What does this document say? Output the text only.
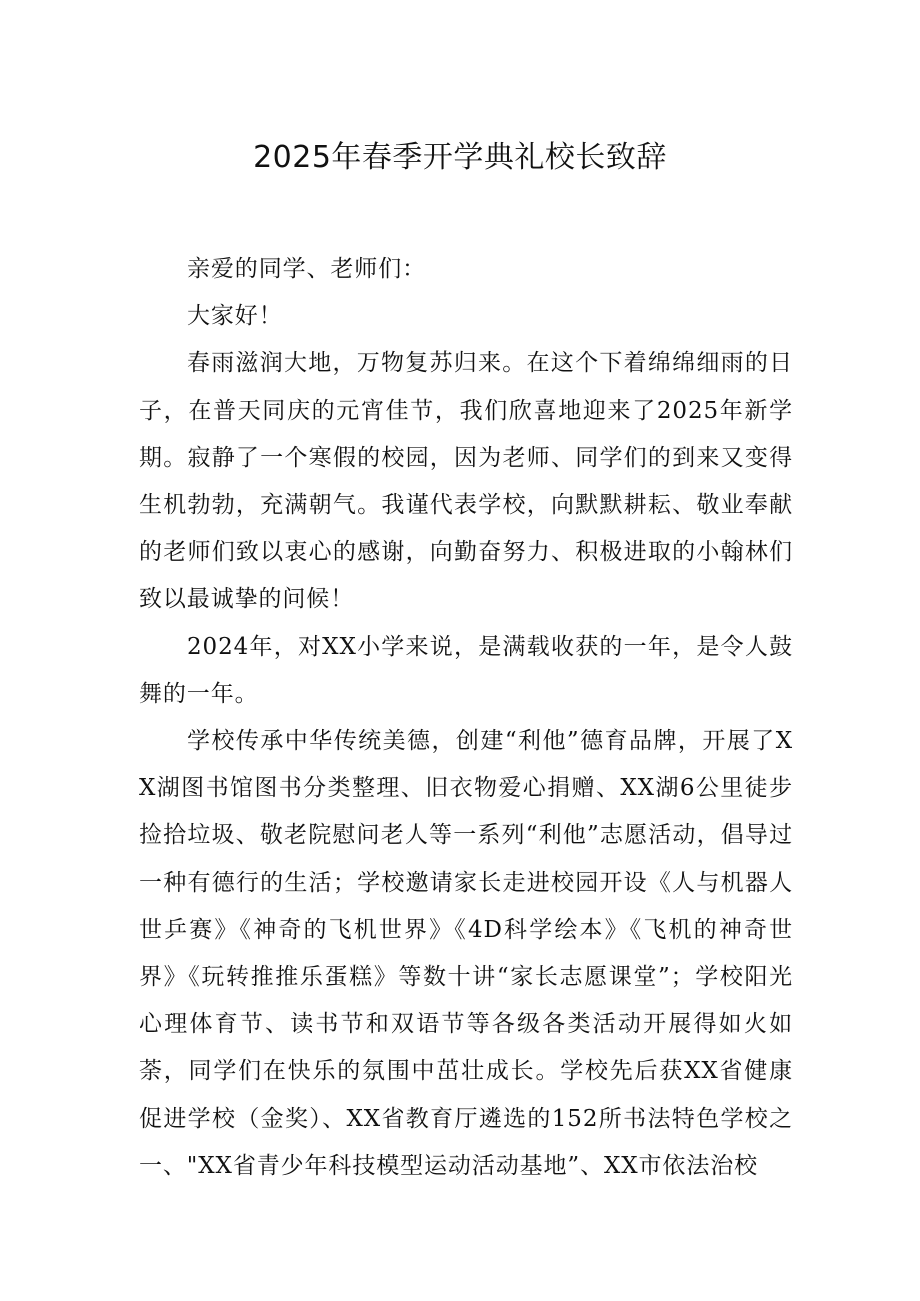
2025年春季开学典礼校长致辞

亲爱的同学、老师们：

大家好！

春雨滋润大地，万物复苏归来。在这个下着绵绵细雨的日子，在普天同庆的元宵佳节，我们欣喜地迎来了2025年新学期。寂静了一个寒假的校园，因为老师、同学们的到来又变得生机勃勃，充满朝气。我谨代表学校，向默默耕耘、敬业奉献的老师们致以衷心的感谢，向勤奋努力、积极进取的小翰林们致以最诚挚的问候！

2024年，对XX小学来说，是满载收获的一年，是令人鼓舞的一年。

学校传承中华传统美德，创建“利他”德育品牌，开展了XX湖图书馆图书分类整理、旧衣物爱心捐赠、XX湖6公里徒步捡拾垃圾、敬老院慰问老人等一系列“利他”志愿活动，倡导过一种有德行的生活；学校邀请家长走进校园开设《人与机器人世乒赛》《神奇的飞机世界》《4D科学绘本》《飞机的神奇世界》《玩转推推乐蛋糕》等数十讲“家长志愿课堂”；学校阳光心理体育节、读书节和双语节等各级各类活动开展得如火如荼，同学们在快乐的氛围中茁壮成长。学校先后获XX省健康促进学校（金奖）、XX省教育厅遴选的152所书法特色学校之一、"XX省青少年科技模型运动活动基地”、XX市依法治校
